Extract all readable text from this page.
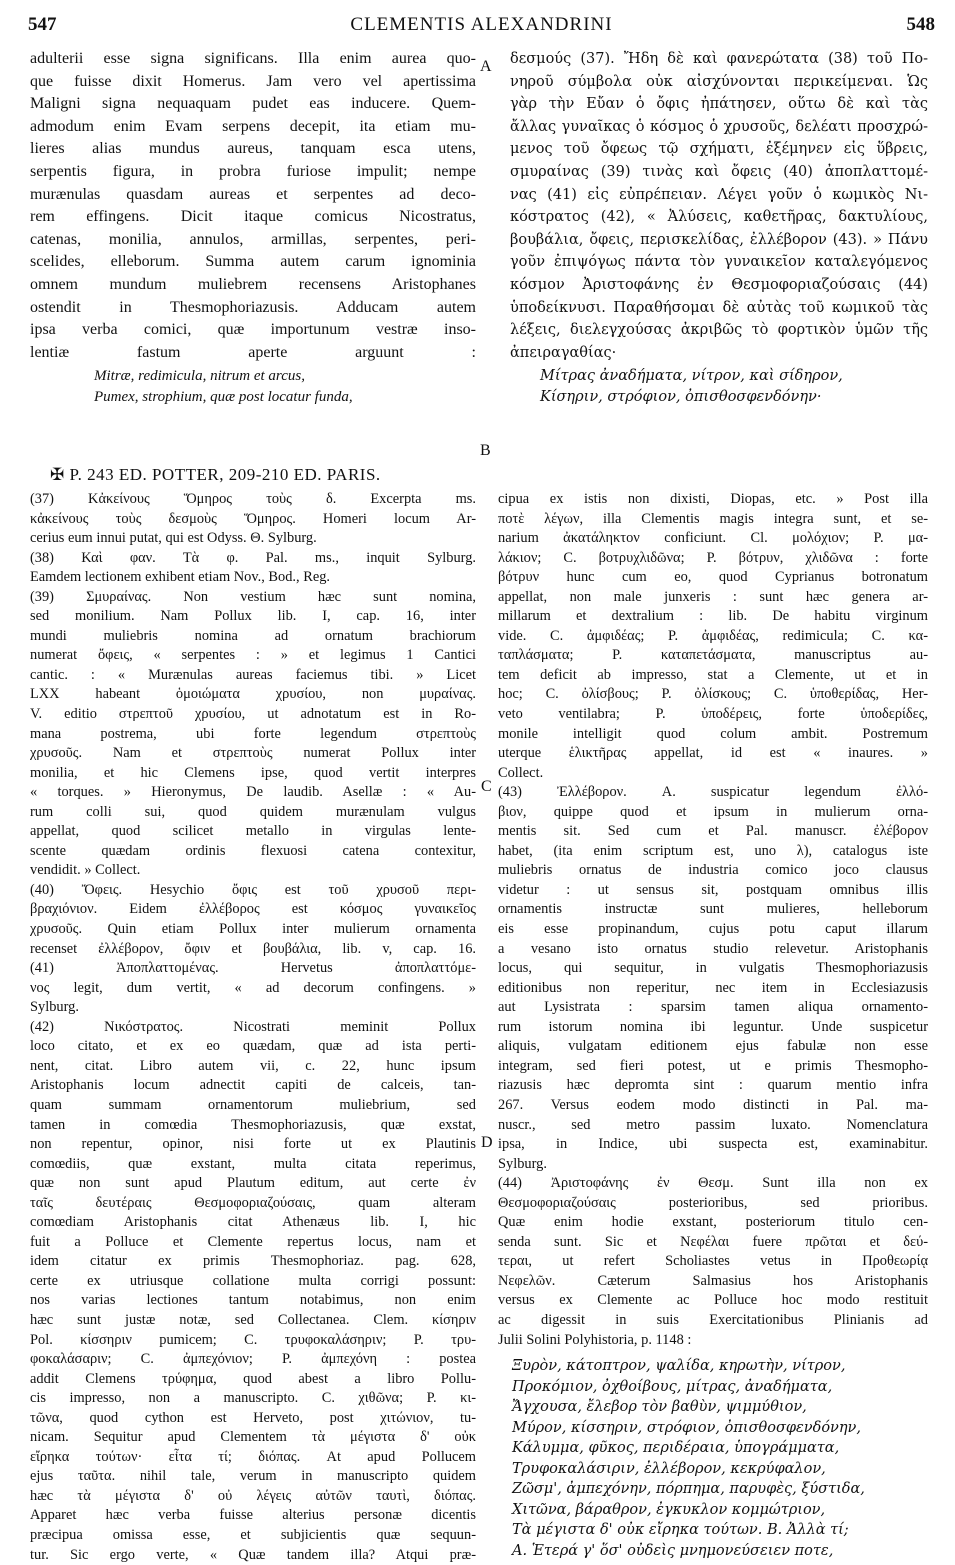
547	CLEMENTIS ALEXANDRINI	548
A
B
C
D
adulterii esse signa significans. Illa enim aurea quo-
que fuisse dixit Homerus. Jam vero vel apertissima
Maligni signa nequaquam pudet eas inducere. Quem-
admodum enim Evam serpens decepit, ita etiam mu-
lieres alias mundus aureus, tanquam esca utens,
serpentis figura, in probra furiose impulit; nempe
murænulas quasdam aureas et serpentes ad deco-
rem effingens. Dicit itaque comicus Nicostratus,
catenas, monilia, annulos, armillas, serpentes, peri-
scelides, elleborum. Summa autem carum ignominia
omnem mundum muliebrem recensens Aristophanes
ostendit in Thesmophoriazusis. Adducam autem
ipsa verba comici, quæ importunum vestræ inso-
lentiæ fastum aperte arguunt :
Mitræ, redimicula, nitrum et arcus,
Pumex, strophium, quæ post locatur funda,
δεσμούς (37). Ἤδη δὲ καὶ φανερώτατα (38) τοῦ Πο-
νηροῦ σύμβολα οὐκ αἰσχύνονται περικείμεναι. Ὡς
γὰρ τὴν Εὔαν ὁ ὄφις ἠπάτησεν, οὕτω δὲ καὶ τὰς
ἄλλας γυναῖκας ὁ κόσμος ὁ χρυσοῦς, δελέατι προσχρώ-
μενος τοῦ ὄφεως τῷ σχήματι, ἐξέμηνεν εἰς ὕβρεις,
σμυραίνας (39) τινὰς καὶ ὄφεις (40) ἀποπλαττομέ-
νας (41) εἰς εὐπρέπειαν. Λέγει γοῦν ὁ κωμικὸς Νι-
κόστρατος (42), « Ἀλύσεις, καθετῆρας, δακτυλίους,
βουβάλια, ὄφεις, περισκελίδας, ἐλλέβορον (43). » Πάνυ
γοῦν ἐπιψόγως πάντα τὸν γυναικεῖον καταλεγόμενος
κόσμον Ἀριστοφάνης ἐν Θεσμοφοριαζούσαις (44)
ὑποδείκνυσι. Παραθήσομαι δὲ αὐτὰς τοῦ κωμικοῦ τὰς
λέξεις, διελεγχούσας ἀκριβῶς τὸ φορτικὸν ὑμῶν τῆς
ἀπειραγαθίας·
Μίτρας ἀναδήματα, νίτρον, καὶ σίδηρον,
Κίσηριν, στρόφιον, ὀπισθοσφενδόνην·
✠ P. 243 ED. POTTER, 209-210 ED. PARIS.
(37) Κἀκείνους Ὅμηρος τοὺς δ. Excerpta ms.
κἀκείνους τοὺς δεσμοὺς Ὅμηρος. Homeri locum Ar-
cerius eum innui putat, qui est Odyss. Θ. Sylburg.
(38) Καὶ φαν. Τὰ φ. Pal. ms., inquit Sylburg.
Eamdem lectionem exhibent etiam Nov., Bod., Reg.
(39) Σμυραίνας. Non vestium hæc sunt nomina,
sed monilium. Nam Pollux lib. I, cap. 16, inter
mundi muliebris nomina ad ornatum brachiorum
numerat ὄφεις, « serpentes : » et legimus 1 Cantici
cantic. : « Murænulas aureas faciemus tibi. » Licet
LXX habeant ὁμοιώματα χρυσίου, non μυραίνας.
V. editio στρεπτοῦ χρυσίου, ut adnotatum est in Ro-
mana postrema, ubi forte legendum στρεπτοὺς
χρυσοῦς. Nam et στρεπτοὺς numerat Pollux inter
monilia, et hic Clemens ipse, quod vertit interpres
« torques. » Hieronymus, De laudib. Asellæ : « Au-
rum colli sui, quod quidem murænulam vulgus
appellat, quod scilicet metallo in virgulas lente-
scente quædam ordinis flexuosi catena contexitur,
vendidit. » Collect.
(40) Ὄφεις. Hesychio ὄφις est τοῦ χρυσοῦ περι-
βραχιόνιον. Eidem ἐλλέβορος est κόσμος γυναικεῖος
χρυσοῦς. Quin etiam Pollux inter mulierum ornamenta
recenset ἐλλέβορον, ὄφιν et βουβάλια, lib. v, cap. 16.
(41) Ἀποπλαττομένας. Hervetus ἀποπλαττόμε-
νος legit, dum vertit, « ad decorum confingens. »
Sylburg.
(42) Νικόστρατος. Nicostrati meminit Pollux
loco citato, et ex eo quædam, quæ ad ista perti-
nent, citat. Libro autem vii, c. 22, hunc ipsum
Aristophanis locum adnectit capiti de calceis, tan-
quam summam ornamentorum muliebrium, sed
tamen in comœdia Thesmophoriazusis, quæ exstat,
non repentur, opinor, nisi forte ut ex Plautinis
comœdiis, quæ exstant, multa citata reperimus,
quæ non sunt apud Plautum editum, aut certe ἐν
ταῖς δευτέραις Θεσμοφοριαζούσαις, quam alteram
comœdiam Aristophanis citat Athenæus lib. I, hic
fuit a Polluce et Clemente repertus locus, nam et
idem citatur ex primis Thesmophoriaz. pag. 628,
certe ex utriusque collatione multa corrigi possunt:
nos varias lectiones tantum notabimus, non enim
hæc sunt justæ notæ, sed Collectanea. Clem. κίσηριν
Pol. κίσσηριν pumicem; C. τρυφοκαλάσηριν; P. τρυ-
φοκαλάσαριν; C. ἀμπεχόνιον; P. ἀμπεχόνη : postea
addit Clemens τρύφημα, quod abest a libro Pollu-
cis impresso, non a manuscripto. C. χιθῶνα; P. κι-
τῶνα, quod cython est Herveto, post χιτώνιον, tu-
nicam. Sequitur apud Clementem τὰ μέγιστα δ' οὐκ
εἴρηκα τούτων· εἶτα τί; διόπας. At apud Pollucem
ejus ταῦτα. nihil tale, verum in manuscripto quidem
hæc τὰ μέγιστα δ' οὐ λέγεις αὐτῶν ταυτὶ, διόπας.
Apparet hæc verba fuisse alterius personæ dicentis
præcipua omissa esse, et subjicientis quæ sequun-
tur. Sic ergo verte, « Quæ tandem illa? Atqui præ-
cipua ex istis non dixisti, Diopas, etc. » Post illa
ποτὲ λέγων, illa Clementis magis integra sunt, et se-
narium ἀκατάληκτον conficiunt. Cl. μολόχιον; P. μα-
λάκιον; C. βοτρυχλιδῶνα; P. βότρυν, χλιδῶνα : forte
βότρυν hunc cum eo, quod Cyprianus botronatum
appellat, non male junxeris : sunt hæc genera ar-
millarum et dextralium : lib. De habitu virginum
vide. C. ἀμφιδέας; P. ἀμφιδέας, redimicula; C. κα-
ταπλάσματα; P. καταπετάσματα, manuscriptus au-
tem deficit ab impresso, stat a Clemente, ut et in
hoc; C. ὀλίσβους; P. ὀλίσκους; C. ὑποθερίδας, Her-
veto ventilabra; P. ὑποδέρεις, forte ὑποδερίδες,
monile intelligit quod colum ambit. Postremum
uterque ἑλικτῆρας appellat, id est « inaures. »
Collect.
(43) Ἐλλέβορον. A. suspicatur legendum ἐλλό-
βιον, quippe quod et ipsum in mulierum orna-
mentis sit. Sed cum et Pal. manuscr. ἐλέβορον
habet, (ita enim scriptum est, uno λ), catalogus iste
muliebris ornatus de industria comico joco clausus
videtur : ut sensus sit, postquam omnibus illis
ornamentis instructæ sunt mulieres, helleborum
eis esse propinandum, cujus potu caput illarum
a vesano isto ornatus studio relevetur. Aristophanis
locus, qui sequitur, in vulgatis Thesmophoriazusis
editionibus non reperitur, nec item in Ecclesiazusis
aut Lysistrata : sparsim tamen aliqua ornamento-
rum istorum nomina ibi leguntur. Unde suspicetur
aliquis, vulgatam editionem ejus fabulæ non esse
integram, sed fieri potest, ut e primis Thesmopho-
riazusis hæc depromta sint : quarum mentio infra
267. Versus eodem modo distincti in Pal. ma-
nuscr., sed metro passim luxato. Nomenclatura
ipsa, in Indice, ubi suspecta est, examinabitur.
Sylburg.
(44) Ἀριστοφάνης ἐν Θεσμ. Sunt illa non ex
Θεσμοφοριαζούσαις posterioribus, sed prioribus.
Quæ enim hodie exstant, posteriorum titulo cen-
senda sunt. Sic et Νεφέλαι fuere πρῶται et δεύ-
τεραι, ut refert Scholiastes vetus in Προθεωρίᾳ
Νεφελῶν. Cæterum Salmasius hos Aristophanis
versus ex Clemente ac Polluce hoc modo restituit
ac digessit in suis Exercitationibus Plinianis ad
Julii Solini Polyhistoria, p. 1148 :
Ξυρὸν, κάτοπτρον, ψαλίδα, κηρωτὴν, νίτρον,
Προκόμιον, ὀχθοίβους, μίτρας, ἀναδήματα,
Ἄγχουσα, ἔλεβορ τὸν βαθὺν, ψιμμύθιον,
Μύρον, κίσσηριν, στρόφιον, ὀπισθοσφενδόνην,
Κάλυμμα, φῦκος, περιδέραια, ὑπογράμματα,
Τρυφοκαλάσιριν, ἐλλέβορον, κεκρύφαλον,
Ζῶσμ', ἀμπεχόνην, πόρπημα, παρυφὲς, ξύστιδα,
Χιτῶνα, βάραθρον, ἐγκυκλον κομμώτριον,
Τὰ μέγιστα δ' οὐκ εἴρηκα τούτων. Β. Ἀλλὰ τί;
Α. Ἑτερά γ' ὅσ' οὐδεὶς μνημονεύσειεν ποτε,
